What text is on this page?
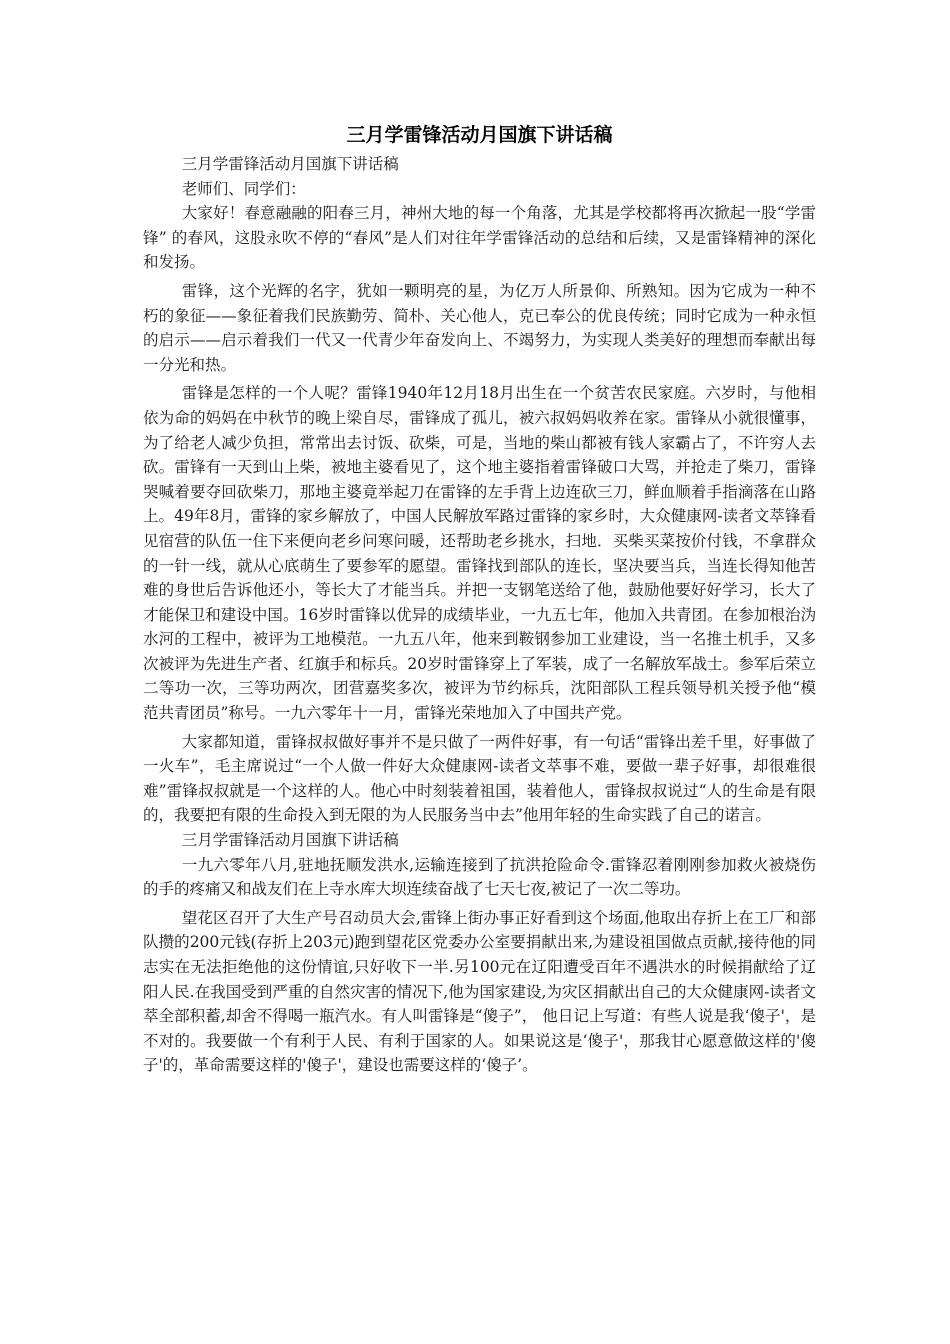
三月学雷锋活动月国旗下讲话稿

三月学雷锋活动月国旗下讲话稿

老师们、同学们：

大家好！春意融融的阳春三月，神州大地的每一个角落，尤其是学校都将再次掀起一股“学雷锋” 的春风，这股永吹不停的“春风”是人们对往年学雷锋活动的总结和后续，又是雷锋精神的深化和发扬。

雷锋，这个光辉的名字，犹如一颗明亮的星，为亿万人所景仰、所熟知。因为它成为一种不朽的象征——象征着我们民族勤劳、简朴、关心他人，克已奉公的优良传统；同时它成为一种永恒的启示——启示着我们一代又一代青少年奋发向上、不竭努力，为实现人类美好的理想而奉献出每一分光和热。

雷锋是怎样的一个人呢？雷锋1940年12月18月出生在一个贫苦农民家庭。六岁时，与他相依为命的妈妈在中秋节的晚上梁自尽，雷锋成了孤儿，被六叔妈妈收养在家。雷锋从小就很懂事，为了给老人减少负担，常常出去讨饭、砍柴，可是，当地的柴山都被有钱人家霸占了，不许穷人去砍。雷锋有一天到山上柴，被地主婆看见了，这个地主婆指着雷锋破口大骂，并抢走了柴刀，雷锋哭喊着要夺回砍柴刀，那地主婆竟举起刀在雷锋的左手背上边连砍三刀，鲜血顺着手指滴落在山路上。49年8月，雷锋的家乡解放了，中国人民解放军路过雷锋的家乡时，大众健康网-读者文萃锋看见宿营的队伍一住下来便向老乡问寒问暖，还帮助老乡挑水，扫地．买柴买菜按价付钱，不拿群众的一针一线，就从心底萌生了要参军的愿望。雷锋找到部队的连长，坚决要当兵，当连长得知他苦难的身世后告诉他还小，等长大了才能当兵。并把一支钢笔送给了他，鼓励他要好好学习，长大了才能保卫和建设中国。16岁时雷锋以优异的成绩毕业，一九五七年，他加入共青团。在参加根治沩水河的工程中，被评为工地模范。一九五八年，他来到鞍钢参加工业建设，当一名推土机手，又多次被评为先进生产者、红旗手和标兵。20岁时雷锋穿上了军装，成了一名解放军战士。参军后荣立二等功一次，三等功两次，团营嘉奖多次，被评为节约标兵，沈阳部队工程兵领导机关授予他“模范共青团员”称号。一九六零年十一月，雷锋光荣地加入了中国共产党。

大家都知道，雷锋叔叔做好事并不是只做了一两件好事，有一句话“雷锋出差千里，好事做了一火车”，毛主席说过“一个人做一件好大众健康网-读者文萃事不难，要做一辈子好事，却很难很难”雷锋叔叔就是一个这样的人。他心中时刻装着祖国，装着他人，雷锋叔叔说过“人的生命是有限的，我要把有限的生命投入到无限的为人民服务当中去”他用年轻的生命实践了自己的诺言。

三月学雷锋活动月国旗下讲话稿

一九六零年八月,驻地抚顺发洪水,运输连接到了抗洪抢险命令.雷锋忍着刚刚参加救火被烧伤的手的疼痛又和战友们在上寺水库大坝连续奋战了七天七夜,被记了一次二等功。

望花区召开了大生产号召动员大会,雷锋上街办事正好看到这个场面,他取出存折上在工厂和部队攒的200元钱(存折上203元)跑到望花区党委办公室要捐献出来,为建设祖国做点贡献,接待他的同志实在无法拒绝他的这份情谊,只好收下一半.另100元在辽阳遭受百年不遇洪水的时候捐献给了辽阳人民.在我国受到严重的自然灾害的情况下,他为国家建设,为灾区捐献出自己的大众健康网-读者文萃全部积蓄,却舍不得喝一瓶汽水。有人叫雷锋是“傻子”， 他日记上写道：有些人说是我‘傻子'，是不对的。我要做一个有利于人民、有利于国家的人。如果说这是‘傻子'，那我甘心愿意做这样的'傻子'的，革命需要这样的'傻子'，建设也需要这样的‘傻子’。
